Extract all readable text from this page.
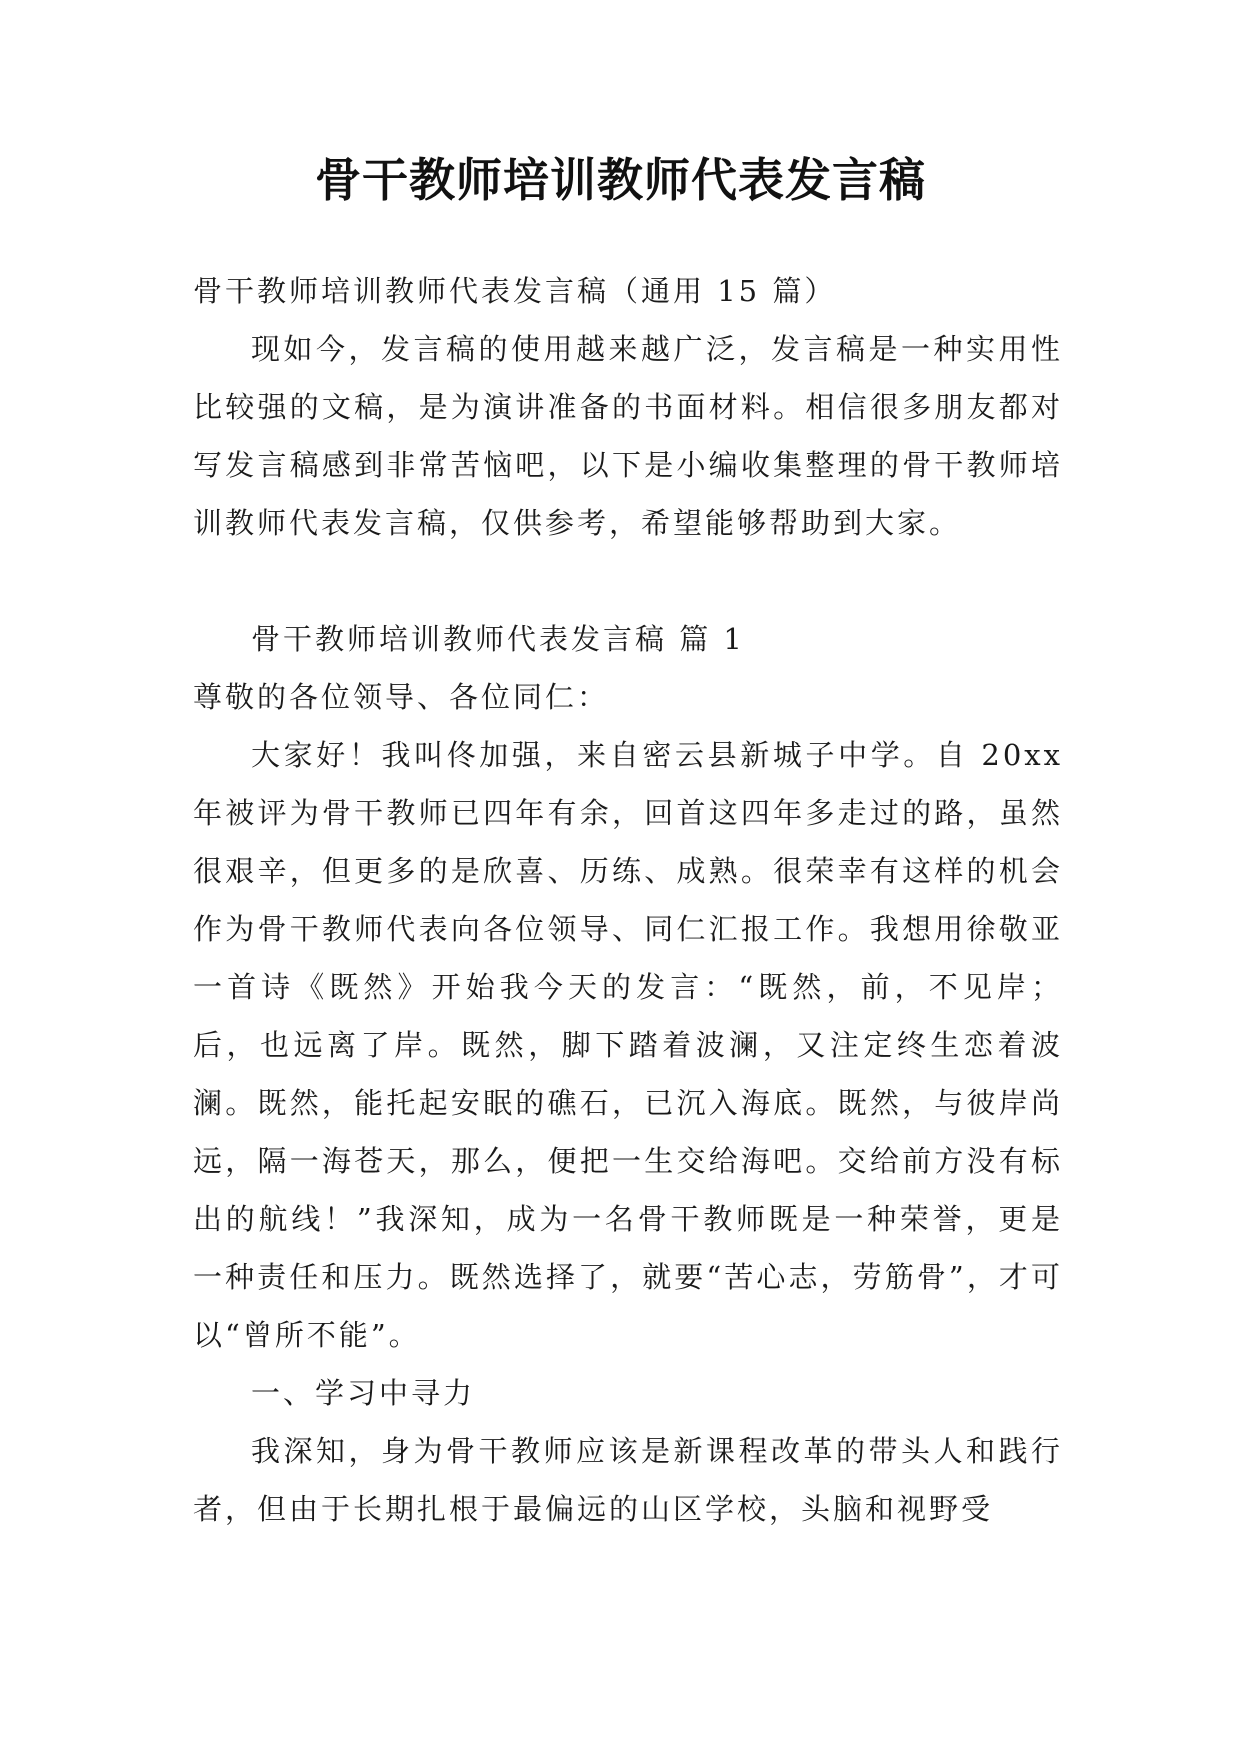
骨干教师培训教师代表发言稿

骨干教师培训教师代表发言稿（通用 15 篇）

现如今，发言稿的使用越来越广泛，发言稿是一种实用性比较强的文稿，是为演讲准备的书面材料。相信很多朋友都对写发言稿感到非常苦恼吧，以下是小编收集整理的骨干教师培训教师代表发言稿，仅供参考，希望能够帮助到大家。

骨干教师培训教师代表发言稿 篇 1

尊敬的各位领导、各位同仁：

大家好！我叫佟加强，来自密云县新城子中学。自 20xx 年被评为骨干教师已四年有余，回首这四年多走过的路，虽然很艰辛，但更多的是欣喜、历练、成熟。很荣幸有这样的机会作为骨干教师代表向各位领导、同仁汇报工作。我想用徐敬亚一首诗《既然》开始我今天的发言：“既然，前，不见岸；后，也远离了岸。既然，脚下踏着波澜，又注定终生恋着波澜。既然，能托起安眠的礁石，已沉入海底。既然，与彼岸尚远，隔一海苍天，那么，便把一生交给海吧。交给前方没有标出的航线！”我深知，成为一名骨干教师既是一种荣誉，更是一种责任和压力。既然选择了，就要“苦心志，劳筋骨”，才可以“曾所不能”。

一、学习中寻力

我深知，身为骨干教师应该是新课程改革的带头人和践行者，但由于长期扎根于最偏远的山区学校，头脑和视野受
